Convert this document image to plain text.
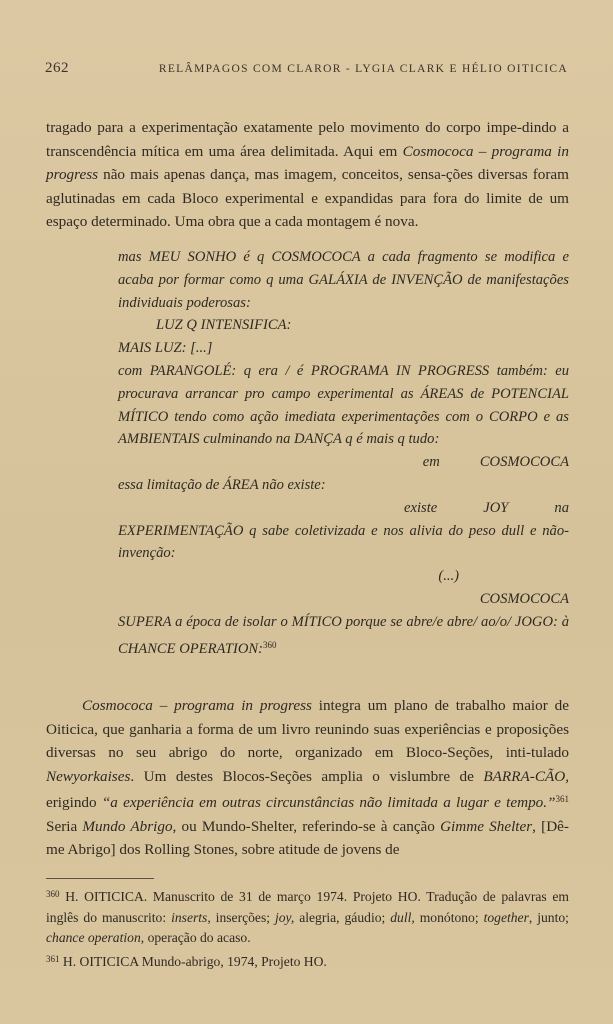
262	RELÂMPAGOS COM CLAROR - LYGIA CLARK E HÉLIO OITICICA

tragado para a experimentação exatamente pelo movimento do corpo impe-dindo a transcendência mítica em uma área delimitada. Aqui em Cosmococa – programa in progress não mais apenas dança, mas imagem, conceitos, sensa-ções diversas foram aglutinadas em cada Bloco experimental e expandidas para fora do limite de um espaço determinado. Uma obra que a cada montagem é nova.

mas MEU SONHO é q COSMOCOCA a cada fragmento se modifica e acaba por formar como q uma GALÁXIA de INVENÇÃO de manifestações individuais poderosas:
LUZ Q INTENSIFICA:
MAIS LUZ: [...]
com PARANGOLÉ: q era / é PROGRAMA IN PROGRESS também: eu procurava arrancar pro campo experimental as ÁREAS de POTENCIAL MÍTICO tendo como ação imediata experimentações com o CORPO e as AMBIENTAIS culminando na DANÇA q é mais q tudo:
em	COSMOCOCA
essa limitação de ÁREA não existe:
existe	JOY	na
EXPERIMENTAÇÃO q sabe coletivizada e nos alivia do peso dull e não-invenção:
(...)
COSMOCOCA
SUPERA a época de isolar o MÍTICO porque se abre/e abre/ ao/o/ JOGO: à CHANCE OPERATION:$^{360}$

Cosmococa – programa in progress integra um plano de trabalho maior de Oiticica, que ganharia a forma de um livro reunindo suas experiências e proposições diversas no seu abrigo do norte, organizado em Bloco-Seções, inti-tulado Newyorkaises. Um destes Blocos-Seções amplia o vislumbre de BARRA-CÃO, erigindo “a experiência em outras circunstâncias não limitada a lugar e tempo.”$^{361}$ Seria Mundo Abrigo, ou Mundo-Shelter, referindo-se à canção Gimme Shelter, [Dê-me Abrigo] dos Rolling Stones, sobre atitude de jovens de

$^{360}$ H. OITICICA. Manuscrito de 31 de março 1974. Projeto HO. Tradução de palavras em inglês do manuscrito: inserts, inserções; joy, alegria, gáudio; dull, monótono; together, junto; chance operation, operação do acaso.

$^{361}$ H. OITICICA Mundo-abrigo, 1974, Projeto HO.
